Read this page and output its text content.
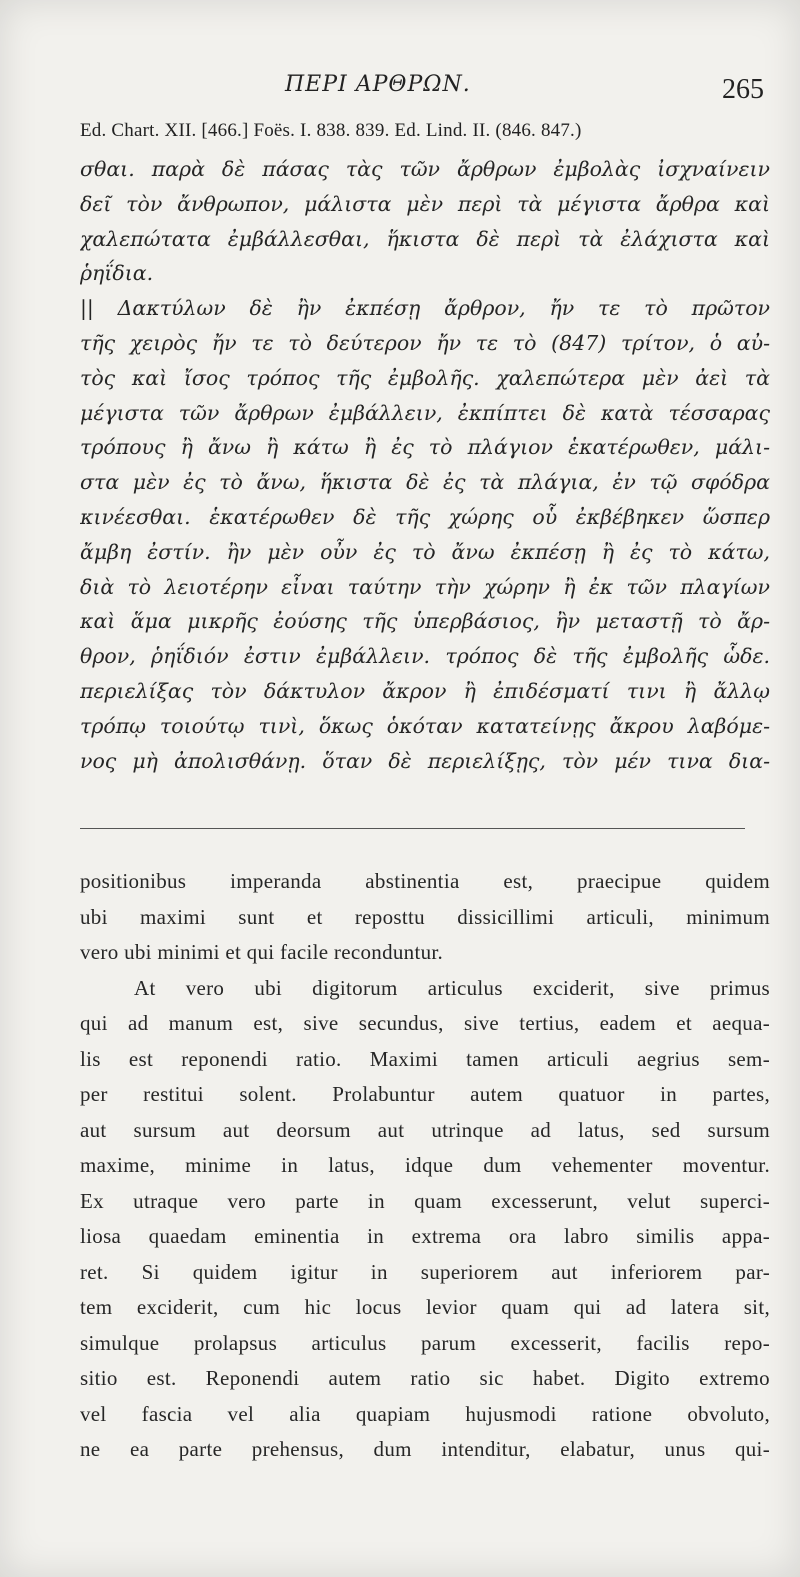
ΠΕΡΙ ΑΡΘΡΩΝ.	265
Ed. Chart. XII. [466.] Foës. I. 838. 839. Ed. Lind. II. (846. 847.)
σθαι. παρὰ δὲ πάσας τὰς τῶν ἄρθρων ἐμβολὰς ἰσχναίνειν
δεῖ τὸν ἄνθρωπον, μάλιστα μὲν περὶ τὰ μέγιστα ἄρθρα καὶ
χαλεπώτατα ἐμβάλλεσθαι, ἥκιστα δὲ περὶ τὰ ἐλάχιστα καὶ
ῥηΐδια.
|| Δακτύλων δὲ ἢν ἐκπέσῃ ἄρθρον, ἤν τε τὸ πρῶτον
τῆς χειρὸς ἤν τε τὸ δεύτερον ἤν τε τὸ (847) τρίτον, ὁ αὐ-
τὸς καὶ ἴσος τρόπος τῆς ἐμβολῆς. χαλεπώτερα μὲν ἀεὶ τὰ
μέγιστα τῶν ἄρθρων ἐμβάλλειν, ἐκπίπτει δὲ κατὰ τέσσαρας
τρόπους ἢ ἄνω ἢ κάτω ἢ ἐς τὸ πλάγιον ἑκατέρωθεν, μάλι-
στα μὲν ἐς τὸ ἄνω, ἥκιστα δὲ ἐς τὰ πλάγια, ἐν τῷ σφόδρα
κινέεσθαι. ἑκατέρωθεν δὲ τῆς χώρης οὗ ἐκβέβηκεν ὥσπερ
ἄμβη ἐστίν. ἢν μὲν οὖν ἐς τὸ ἄνω ἐκπέσῃ ἢ ἐς τὸ κάτω,
διὰ τὸ λειοτέρην εἶναι ταύτην τὴν χώρην ἢ ἐκ τῶν πλαγίων
καὶ ἅμα μικρῆς ἐούσης τῆς ὑπερβάσιος, ἢν μεταστῇ τὸ ἄρ-
θρον, ῥηΐδιόν ἐστιν ἐμβάλλειν. τρόπος δὲ τῆς ἐμβολῆς ὧδε.
περιελίξας τὸν δάκτυλον ἄκρον ἢ ἐπιδέσματί τινι ἢ ἄλλῳ
τρόπῳ τοιούτῳ τινὶ, ὅκως ὁκόταν κατατείνῃς ἄκρου λαβόμε-
νος μὴ ἀπολισθάνῃ. ὅταν δὲ περιελίξῃς, τὸν μέν τινα δια-
positionibus imperanda abstinentia est, praecipue quidem
ubi maximi sunt et reposttu dissicillimi articuli, minimum
vero ubi minimi et qui facile reconduntur.
At vero ubi digitorum articulus exciderit, sive primus
qui ad manum est, sive secundus, sive tertius, eadem et aequa-
lis est reponendi ratio. Maximi tamen articuli aegrius sem-
per restitui solent. Prolabuntur autem quatuor in partes,
aut sursum aut deorsum aut utrinque ad latus, sed sursum
maxime, minime in latus, idque dum vehementer moventur.
Ex utraque vero parte in quam excesserunt, velut superci-
liosa quaedam eminentia in extrema ora labro similis appa-
ret. Si quidem igitur in superiorem aut inferiorem par-
tem exciderit, cum hic locus levior quam qui ad latera sit,
simulque prolapsus articulus parum excesserit, facilis repo-
sitio est. Reponendi autem ratio sic habet. Digito extremo
vel fascia vel alia quapiam hujusmodi ratione obvoluto,
ne ea parte prehensus, dum intenditur, elabatur, unus qui-
